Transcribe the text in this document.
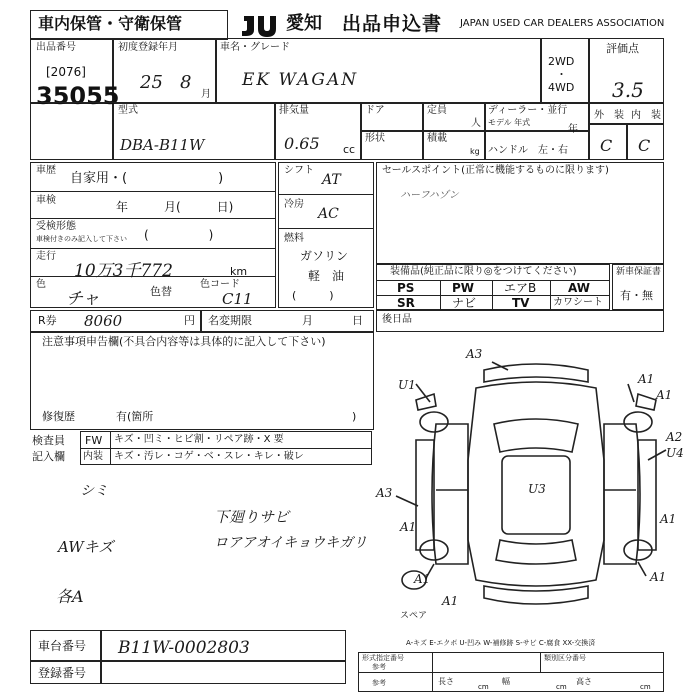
車内保管・守衛保管	愛知 出品申込書 JAPAN USED CAR DEALERS ASSOCIATION
出品番号
[2076]
35055
初度登録年月
25 8
月
車名・グレード
EK WAGAN
2WD
・
4WD
評価点
3.5
型式
DBA-B11W
排気量
0.65 cc
ドア	定員
人
ディーラー・並行
モデル 年式
年
形状	積載
kg ハンドル　左・右
外　装 内　装
C C
車歴
自家用・(　　　　　　　)
車検	年　　　月(　　　日)
受検形態
車検付きのみ記入して下さい (　　　　　)
走行
10万3千772	km
色
チャ	色替
色コード
C11
シフト
AT
冷房
AC
燃料
ガソリン
軽　油
(　　　)
セールスポイント(正常に機能するものに限ります)
ハーフハゾン
装備品(純正品に限り◎をつけてください)
PS	PW エアB	AW
SR	ナビ	TV カワシート
新車保証書
有・無
R券 8060	円 名変期限	月	日 後日品
注意事項申告欄(不具合内容等は具体的に記入して下さい)
修復歴	有(箇所	)
検査員
記入欄
FW キズ・凹ミ・ヒビ割・リペア跡・X 要
内装 キズ・汚レ・コゲ・ベ・スレ・キレ・破レ
シミ
AWキズ
各A
下廻りサビ
ロアアオイキョウキガリ
A3
U1	A1
A1
A2
U4
A3	U3
A1
A1
A1	A1
A1
スペア
A-キズ E-エクボ U-凹み W-補修跡 S-サビ C-腐食 XX-交換済
車台番号 B11W-0002803
登録番号
形式指定番号
参考
類別区分番号
参考	長さ
cm
幅
cm
高さ
cm
